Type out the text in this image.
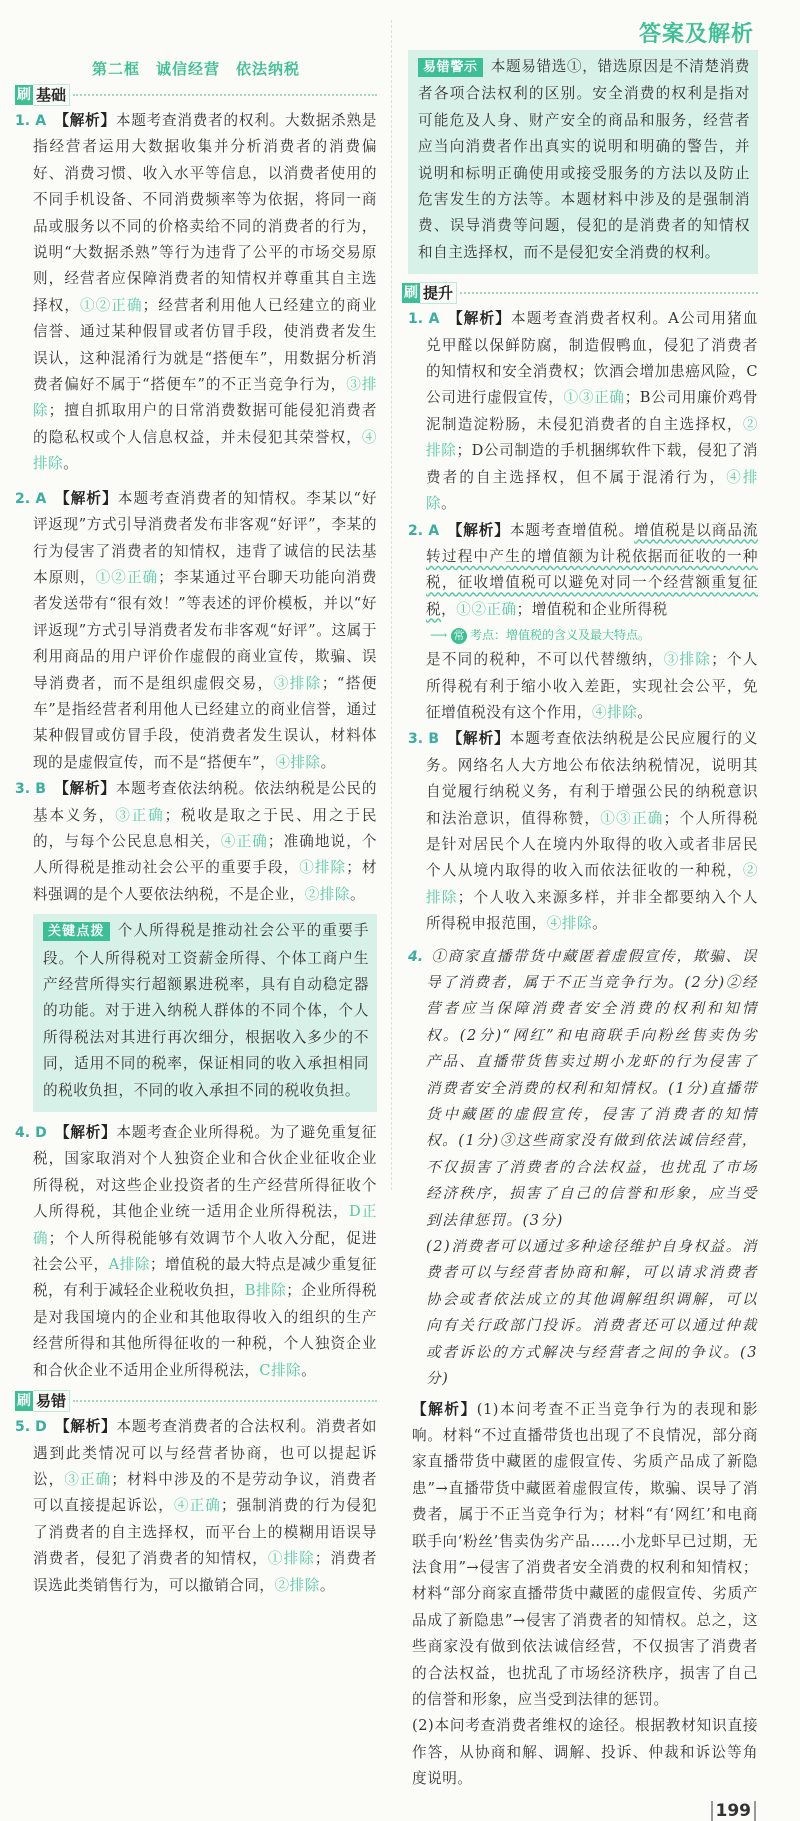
第二框　诚信经营　依法纳税
刷 基础
1. A 【解析】本题考查消费者的权利。大数据杀熟是指经营者运用大数据收集并分析消费者的消费偏好、消费习惯、收入水平等信息，以消费者使用的不同手机设备、不同消费频率等为依据，将同一商品或服务以不同的价格卖给不同的消费者的行为，说明“大数据杀熟”等行为违背了公平的市场交易原则，经营者应保障消费者的知情权并尊重其自主选择权，①②正确；经营者利用他人已经建立的商业信誉、通过某种假冒或者仿冒手段，使消费者发生误认，这种混淆行为就是“搭便车”，用数据分析消费者偏好不属于“搭便车”的不正当竞争行为，③排除；擅自抓取用户的日常消费数据可能侵犯消费者的隐私权或个人信息权益，并未侵犯其荣誉权，④排除。
2. A 【解析】本题考查消费者的知情权。李某以“好评返现”方式引导消费者发布非客观“好评”，李某的行为侵害了消费者的知情权，违背了诚信的民法基本原则，①②正确；李某通过平台聊天功能向消费者发送带有“很有效！”等表述的评价模板，并以“好评返现”方式引导消费者发布非客观“好评”。这属于利用商品的用户评价作虚假的商业宣传，欺骗、误导消费者，而不是组织虚假交易，③排除；“搭便车”是指经营者利用他人已经建立的商业信誉，通过某种假冒或仿冒手段，使消费者发生误认，材料体现的是虚假宣传，而不是“搭便车”，④排除。
3. B 【解析】本题考查依法纳税。依法纳税是公民的基本义务，③正确；税收是取之于民、用之于民的，与每个公民息息相关，④正确；准确地说，个人所得税是推动社会公平的重要手段，①排除；材料强调的是个人要依法纳税，不是企业，②排除。
关键点拨 个人所得税是推动社会公平的重要手段。个人所得税对工资薪金所得、个体工商户生产经营所得实行超额累进税率，具有自动稳定器的功能。对于进入纳税人群体的不同个体，个人所得税法对其进行再次细分，根据收入多少的不同，适用不同的税率，保证相同的收入承担相同的税收负担，不同的收入承担不同的税收负担。
4. D 【解析】本题考查企业所得税。为了避免重复征税，国家取消对个人独资企业和合伙企业征收企业所得税，对这些企业投资者的生产经营所得征收个人所得税，其他企业统一适用企业所得税法，D正确；个人所得税能够有效调节个人收入分配，促进社会公平，A排除；增值税的最大特点是减少重复征税，有利于减轻企业税收负担，B排除；企业所得税是对我国境内的企业和其他取得收入的组织的生产经营所得和其他所得征收的一种税，个人独资企业和合伙企业不适用企业所得税法，C排除。
刷 易错
5. D 【解析】本题考查消费者的合法权利。消费者如遇到此类情况可以与经营者协商，也可以提起诉讼，③正确；材料中涉及的不是劳动争议，消费者可以直接提起诉讼，④正确；强制消费的行为侵犯了消费者的自主选择权，而平台上的模糊用语误导消费者，侵犯了消费者的知情权，①排除；消费者误选此类销售行为，可以撤销合同，②排除。
答案及解析
易错警示 本题易错选①，错选原因是不清楚消费者各项合法权利的区别。安全消费的权利是指对可能危及人身、财产安全的商品和服务，经营者应当向消费者作出真实的说明和明确的警告，并说明和标明正确使用或接受服务的方法以及防止危害发生的方法等。本题材料中涉及的是强制消费、误导消费等问题，侵犯的是消费者的知情权和自主选择权，而不是侵犯安全消费的权利。
刷 提升
1. A 【解析】本题考查消费者权利。A公司用猪血兑甲醛以保鲜防腐，制造假鸭血，侵犯了消费者的知情权和安全消费权；饮酒会增加患癌风险，C公司进行虚假宣传，①③正确；B公司用廉价鸡骨泥制造淀粉肠，未侵犯消费者的自主选择权，②排除；D公司制造的手机捆绑软件下载，侵犯了消费者的自主选择权，但不属于混淆行为，④排除。
2. A 【解析】本题考查增值税。增值税是以商品流转过程中产生的增值额为计税依据而征收的一种税，征收增值税可以避免对同一个经营额重复征税，①②正确；增值税和企业所得税
⟶ 常 考点：增值税的含义及最大特点。
是不同的税种，不可以代替缴纳，③排除；个人所得税有利于缩小收入差距，实现社会公平，免征增值税没有这个作用，④排除。
3. B 【解析】本题考查依法纳税是公民应履行的义务。网络名人大方地公布依法纳税情况，说明其自觉履行纳税义务，有利于增强公民的纳税意识和法治意识，值得称赞，①③正确；个人所得税是针对居民个人在境内外取得的收入或者非居民个人从境内取得的收入而依法征收的一种税，②排除；个人收入来源多样，并非全都要纳入个人所得税申报范围，④排除。
4. ①商家直播带货中藏匿着虚假宣传，欺骗、误导了消费者，属于不正当竞争行为。(2分)②经营者应当保障消费者安全消费的权利和知情权。(2分)“网红”和电商联手向粉丝售卖伪劣产品、直播带货售卖过期小龙虾的行为侵害了消费者安全消费的权利和知情权。(1分)直播带货中藏匿的虚假宣传，侵害了消费者的知情权。(1分)③这些商家没有做到依法诚信经营，不仅损害了消费者的合法权益，也扰乱了市场经济秩序，损害了自己的信誉和形象，应当受到法律惩罚。(3分)
(2)消费者可以通过多种途径维护自身权益。消费者可以与经营者协商和解，可以请求消费者协会或者依法成立的其他调解组织调解，可以向有关行政部门投诉。消费者还可以通过仲裁或者诉讼的方式解决与经营者之间的争议。(3分)
【解析】(1)本问考查不正当竞争行为的表现和影响。材料“不过直播带货也出现了不良情况，部分商家直播带货中藏匿的虚假宣传、劣质产品成了新隐患”→直播带货中藏匿着虚假宣传，欺骗、误导了消费者，属于不正当竞争行为；材料“有‘网红’和电商联手向‘粉丝’售卖伪劣产品……小龙虾早已过期，无法食用”→侵害了消费者安全消费的权利和知情权；材料“部分商家直播带货中藏匿的虚假宣传、劣质产品成了新隐患”→侵害了消费者的知情权。总之，这些商家没有做到依法诚信经营，不仅损害了消费者的合法权益，也扰乱了市场经济秩序，损害了自己的信誉和形象，应当受到法律的惩罚。
(2)本问考查消费者维权的途径。根据教材知识直接作答，从协商和解、调解、投诉、仲裁和诉讼等角度说明。
199
